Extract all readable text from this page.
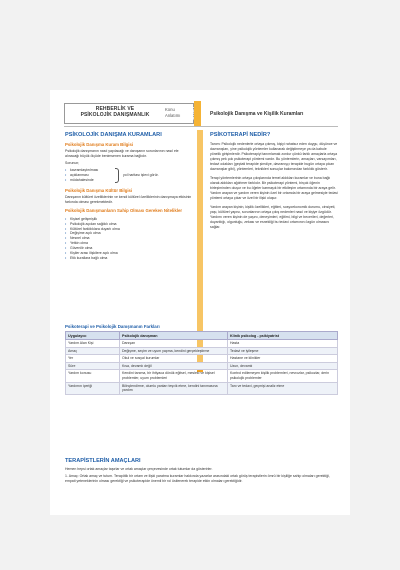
REHBERLİK VE
PSİKOLOJİK DANIŞMANLIK
Konu
Anlatımı ÖABT	Psikolojik Danışma ve Kişilik Kuramları
PSİKOLOJİK DANIŞMA KURAMLARI
Psikolojik Danışma Kuram Bilgisi
Psikolojik danışmanın nasıl yapılacağı ve danışanın sorunlarının nasıl ele alınacağı büyük ölçüde benimsenen kurama bağlıdır.
Sorunun;
• kavramlaştırılması
• açıklanması
• müdahalesinde
yol haritası işlevi görür.
Psikolojik Danışma Kültür Bilgisi
Danışanın kültürel özelliklerinin ve kendi kültürel özelliklerinin danışmaya etkisinin farkında olması gerekmektedir.
Psikolojik Danışmanların Sahip Olması Gereken Nitelikler
• Kişisel gelişmişlik
• Psikolojik açıdan sağlıklı olma
• Kültürel farklılıklara duyarlı olma
• Değişime açık olma
• Nesnel olma
• Yetkin olma
• Güvenilir olma
• Kişiler arası ilişkilere açık olma
• Etik kurallara bağlı olma
PSİKOTERAPİ NEDİR?
Tanım: Psikolojik nedenlerle ortaya çıkmış, kişiyi rahatsız eden duygu, düşünce ve davranışları, yine psikolojik yöntemler kullanarak değiştirmeye ya da kabule yönelik girişimlerdir. Psikoterapiyi tanımlamak zordur çünkü farklı amaçlarla ortaya çıkmış pek çok psikoterapi yöntemi vardır. Bu yöntemlerin, amaçları, varsayımları, tedavi odakları (geçtati terapide şimdiye, davranışçı terapide bugün ortaya çıkan davranışlar gibi), yöntemleri, teknikleri sonuçlar bakımından farklılık gösterir.
Terapi yöntemlerinin ortaya çıkışlarında temel aldıkları kuramlar ve buna bağlı olarak aldıkları ağılrimer farklıdır. Bir psikoterapi yöntemi, birçok öğenin birleşiminden oluşur ve bu öğeler karmaşık bir etkileşim ortamında bir araya gelir. Yardım arayan ve yardım veren kişinin özel bir ortamda bir araya gelmesiyle tedavi yöntemi ortaya çıkar ve özel bir ilişki oluşur.
Yardım arayan kişinin, kişilik özellikleri, eğitimi, sosyoekonomik durumu, cinsiyeti, yaşı, kültürel yapısı, sorunlarının ortaya çıkış nedenleri nasıl ve kişiye özgüdür. Yardımı veren kişinin de yaşını, deneyimleri, eğitimi, bilgi ve becerileri, değerleri, duyarlılığı, olgunluğu, zekası ve esnekliği bu tedavi ortamının özgün olmasını sağlar.
Psikoterapi ve Psikolojik Danışmanın Farkları
Uygulayıcı	Psikolojik danışman	Klinik psikolog - psikiyatrist
Yardım Alan Kişi	Danışan	Hasta
Amaç	Değişme, seçim ve uyum yapma, kendini gerçekleştirme	Tedavi ve iyileşme
Yer	Okul ve sosyal kurumlar	Hastane ve klinikler
Süre	Kısa, devamlı değil	Uzun, devamlı
Yardım konusu	Kendini tanıma, bir ihtiyaca dönük eğitsel, mesleki ve kişisel problemler, uyum problemleri	Kontrol edilemeyen kişilik problemleri, nevrozlar, psikozlar, derin psikolojik problemler
Yardımın içeriği	Bilinçlendirme, olumlu yanları teşvik etme, kendini tanımasına yardım	Tanı ve tedavi, geçmişi analiz etme
TERAPİSTLERİN AMAÇLARI
Hemen hepsi ortak amaçlar taşırlar ve ortak amaçlar çerçevesinde ortak tutumlar da gösterirler.
1. Amaç: Ortak amaç ve tutum. Terapötik bir ortam ve ilişki yaratma kuramlar hakkında yazarlar arasındaki ortak görüş terapistlerin ömrü bir kişiliğe sahip olmaları gerektiği, empati yeteneklerinin olması gerektiği ve psikoterapide önemli bir rol üstlenerek terapide etkin olmaları gerektiğidir.
